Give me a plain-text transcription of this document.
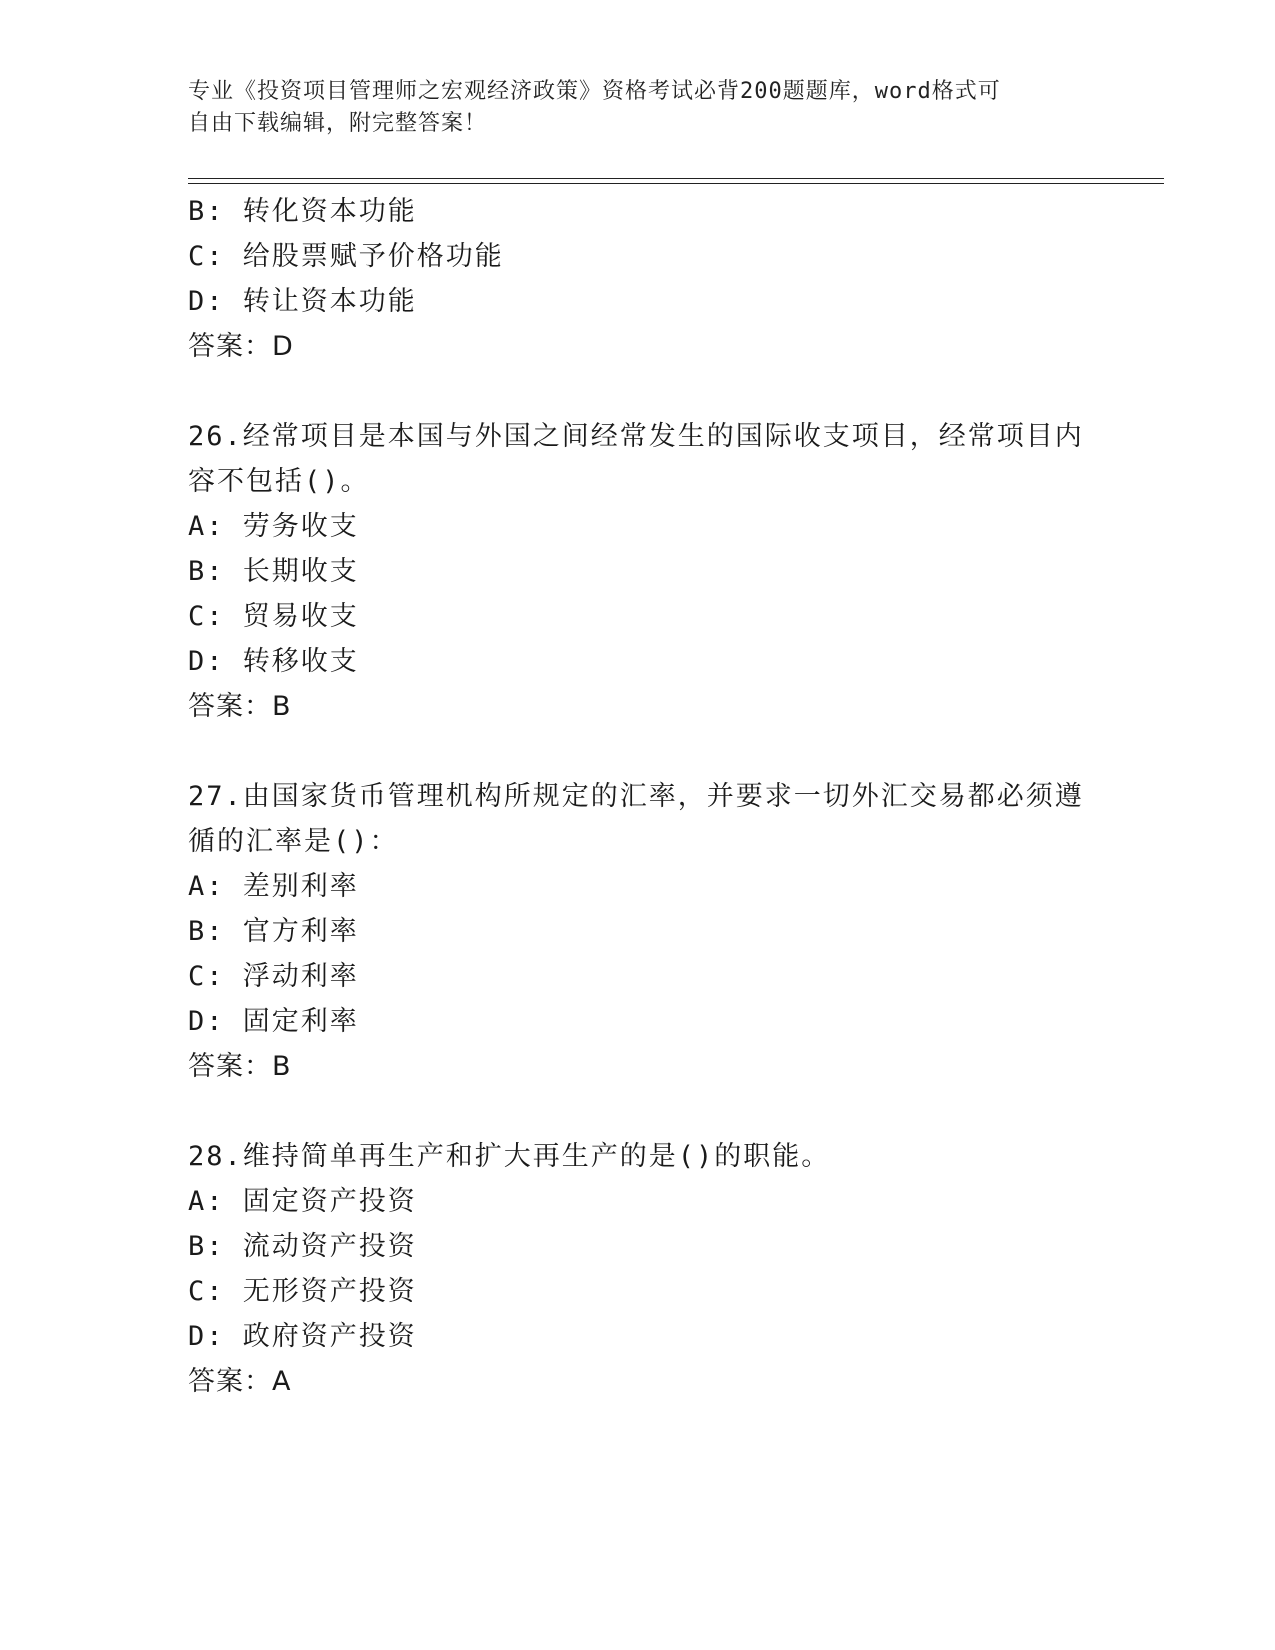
专业《投资项目管理师之宏观经济政策》资格考试必背200题题库，word格式可
自由下载编辑，附完整答案！
B: 转化资本功能
C: 给股票赋予价格功能
D: 转让资本功能
答案：D
26.经常项目是本国与外国之间经常发生的国际收支项目，经常项目内
容不包括()。
A: 劳务收支
B: 长期收支
C: 贸易收支
D: 转移收支
答案：B
27.由国家货币管理机构所规定的汇率，并要求一切外汇交易都必须遵
循的汇率是()：
A: 差别利率
B: 官方利率
C: 浮动利率
D: 固定利率
答案：B
28.维持简单再生产和扩大再生产的是()的职能。
A: 固定资产投资
B: 流动资产投资
C: 无形资产投资
D: 政府资产投资
答案：A
